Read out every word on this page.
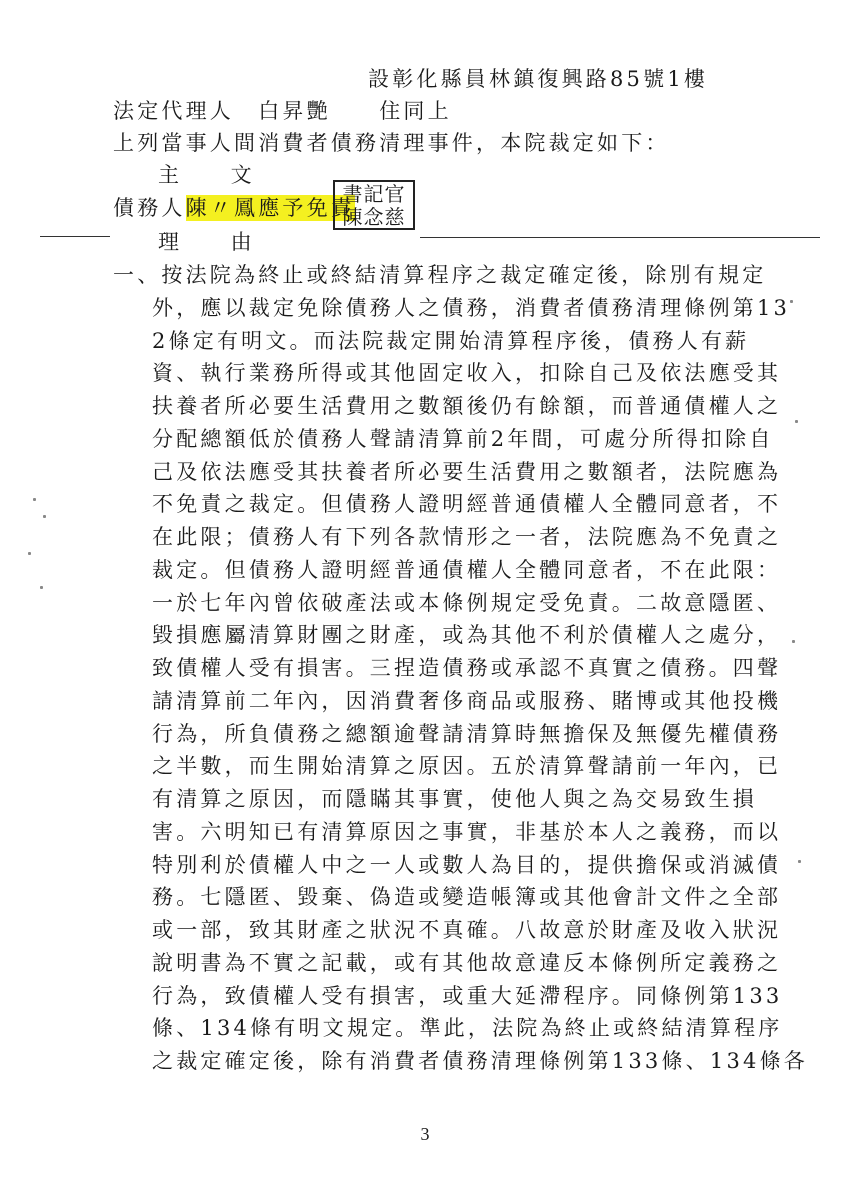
設彰化縣員林鎮復興路85號1樓
法定代理人　白昇艷　　住同上
上列當事人間消費者債務清理事件，本院裁定如下：
主　　文
債務人陳〃鳳應予免責
書記官
陳念慈
理　　由
一、按法院為終止或終結清算程序之裁定確定後，除別有規定
外，應以裁定免除債務人之債務，消費者債務清理條例第13
2條定有明文。而法院裁定開始清算程序後，債務人有薪
資、執行業務所得或其他固定收入，扣除自己及依法應受其
扶養者所必要生活費用之數額後仍有餘額，而普通債權人之
分配總額低於債務人聲請清算前2年間，可處分所得扣除自
己及依法應受其扶養者所必要生活費用之數額者，法院應為
不免責之裁定。但債務人證明經普通債權人全體同意者，不
在此限；債務人有下列各款情形之一者，法院應為不免責之
裁定。但債務人證明經普通債權人全體同意者，不在此限：
一於七年內曾依破產法或本條例規定受免責。二故意隱匿、
毀損應屬清算財團之財產，或為其他不利於債權人之處分，
致債權人受有損害。三捏造債務或承認不真實之債務。四聲
請清算前二年內，因消費奢侈商品或服務、賭博或其他投機
行為，所負債務之總額逾聲請清算時無擔保及無優先權債務
之半數，而生開始清算之原因。五於清算聲請前一年內，已
有清算之原因，而隱瞞其事實，使他人與之為交易致生損
害。六明知已有清算原因之事實，非基於本人之義務，而以
特別利於債權人中之一人或數人為目的，提供擔保或消滅債
務。七隱匿、毀棄、偽造或變造帳簿或其他會計文件之全部
或一部，致其財產之狀況不真確。八故意於財產及收入狀況
說明書為不實之記載，或有其他故意違反本條例所定義務之
行為，致債權人受有損害，或重大延滯程序。同條例第133
條、134條有明文規定。準此，法院為終止或終結清算程序
之裁定確定後，除有消費者債務清理條例第133條、134條各
3
